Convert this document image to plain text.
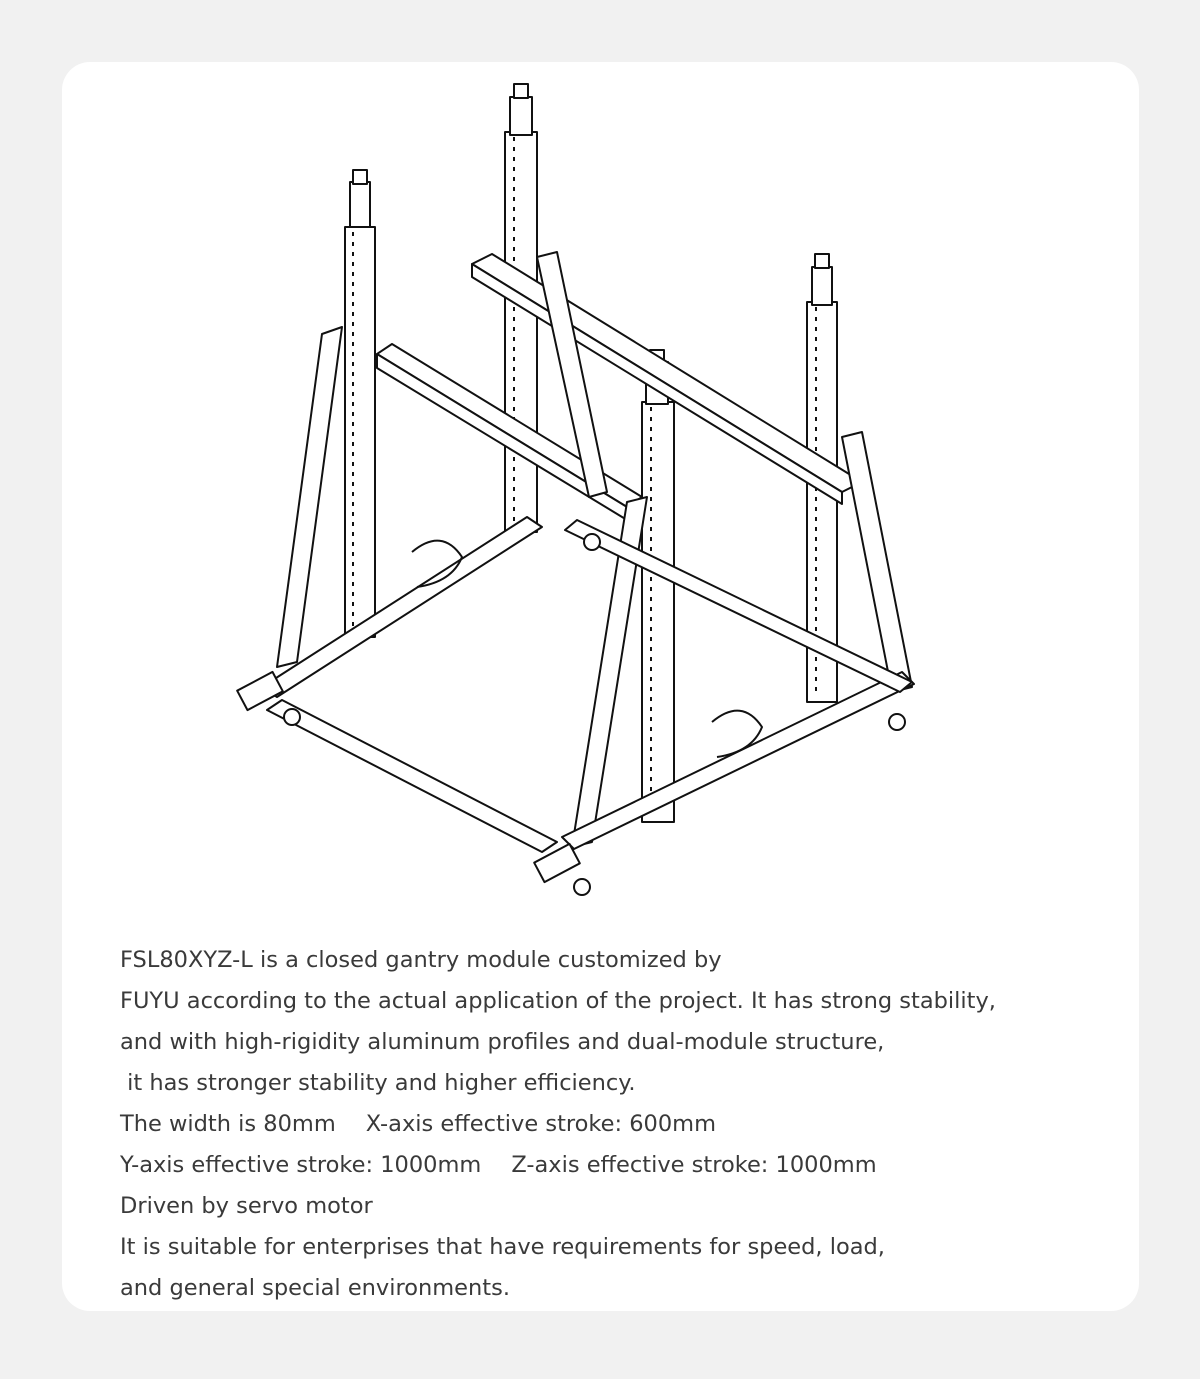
FSL80XYZ-L is a closed gantry module customized by
FUYU according to the actual application of the project. It has strong stability,
and with high-rigidity aluminum profiles and dual-module structure,
it has stronger stability and higher efficiency.
The width is 80mm X-axis effective stroke: 600mm
Y-axis effective stroke: 1000mm Z-axis effective stroke: 1000mm
Driven by servo motor
It is suitable for enterprises that have requirements for speed, load,
and general special environments.
